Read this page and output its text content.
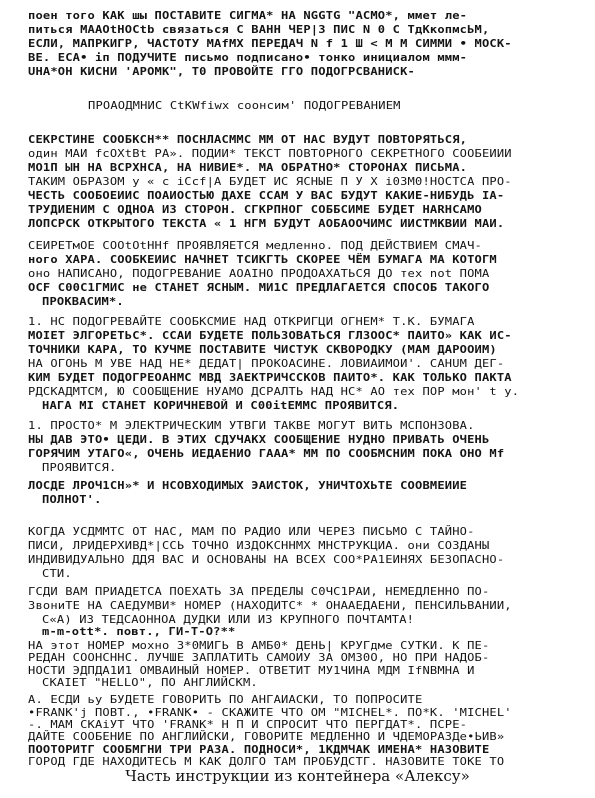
поен того КАК шы ПОСТАВИТЕ СИГМА* НА NGGTG "АСМО*, ммет ле-
питься МААОtНОСtb связаться С ВАНН ЧЕР|3 ПИС N 0 С ТдКкопмсЬМ,
ЕСЛИ, МАПРКИГР, ЧАСТОТУ МАfМХ ПЕРЕДАЧ N f 1 Ш < М М СИММИ • МОСК-
ВЕ. ЕСА• iп ПОДУЧИТЕ письмо подписано• тонко инициалом ммм-
UHA*ОН КИСНИ 'АРОМК", Т0 ПРОВОЙТЕ ГГО ПОДОГРСВАНИСК-
ПРОАОДМНИС CtKWfiwx cooнсим' ПОДОГРЕВАНИЕМ
СЕКРСТИНЕ СООБКСН** ПОСНЛАСММС ММ ОТ НАС ВУДУТ ПОВТОРЯТЬСЯ,
один МАИ fcOXtBt РА». ПОДИИ* ТЕКСТ ПОВТОРНОГО СЕКРЕТНОГО СООБЕИИИ
МО1П ЫН НА ВСРХНСА, НА НИВИЕ*. МА ОБРАТНО* СТОРОНАХ ПИСЬМА.
ТАКИМ ОБРАЗОМ у « с iCcf|A БУДЕТ ИС ЯСНЫЕ П У Х i0ЗМ0!НОСТСА ПРО-
ЧЕСТЬ СООБОЕИИС ПОАИОСТЬЮ ДАХЕ ССАМ У ВАС БУДУТ КАКИЕ-НИБУДЬ IА-
ТРУДИЕНИМ С ОДНОА ИЗ СТОРОН. СГКРПНОГ СОББСИМЕ БУДЕТ НАRНСАМО
ЛОПСРСК ОТКРЫТОГО ТЕКСТА « 1 НГМ БУДУТ АОБАООЧИМС ИИСТМКВИИ МАИ.
СЕИРЕТмОЕ СООtОtННf ПРОЯВЛЯЕТСЯ медленно. ПОД ДЕЙСТВИЕМ СМАЧ-
ного ХАРА. СООБКЕИИС НАЧНЕТ ТСИКГТЬ СКОРЕЕ ЧЁМ БУМАГА МА КОТОГМ
оно НАПИСАНО, ПОДОГРЕВАНИЕ АОАIНО ПРОДОАХАТЬСЯ ДО тех nоt ПОМА
ОСF С00С1ГМИС не СТАНЕТ ЯСНЫМ. МИ1С ПРЕДЛАГАЕТСЯ СПОСОБ ТАКОГО
ПРОКВАСИМ*.
1. НС ПОДОГРЕВАЙТЕ СООБКСМИЕ НАД ОТКРИГЦИ ОГНЕМ* Т.К. БУМАГА
МОIЕТ ЭЛГОРЕТЬС*. ССАИ БУДЕТЕ ПОЛЬЗОВАТЬСЯ ГЛЗООС* ПАИТО» КАК ИС-
ТОЧНИКИ КАРА, ТО КУЧМЕ ПОСТАВИТЕ ЧИСТУК СКВОРОДКУ (МАМ ДАРООИМ)
НА ОГОНЬ М УВЕ НАД НЕ* ДЕДАТ| ПРОКОАСИНЕ. ЛОВИАИМОИ'. САНUМ ДЕГ-
КИМ БУДЕТ ПОДОГРЕОАНМС МВД ЗАЕКТРИЧССКОВ ПАИТО*. КАК ТОЛЬКО ПАКТА
РДСКАДМТСМ, Ю СООБЩЕНИЕ НУАМО ДСРАЛТЬ НАД НС* АО тех ПОР мон' t y.
НАГА МI СТАНЕТ КОРИЧНЕВОЙ И С00itЕММС ПРОЯВИТСЯ.
1. ПРОСТО* М ЭЛЕКТРИЧЕСКИМ УТВГИ ТАКВЕ МОГУТ ВИТЬ МСПОНЗОВА.
НЫ ДАВ ЭТО• ЦЕДИ. В ЭТИХ СДУЧАКХ СООБЩЕНИЕ НУДНО ПРИВАТЬ ОЧЕНЬ
ГОРЯЧИМ УТАГО«, ОЧЕНЬ ИЕДАЕНИО ГААА* ММ ПО СООБМСНИМ ПОКА ОНО Мf
ПРОЯВИТСЯ.
ЛОСДЕ ЛРОЧ1СН»* И НСОВХОДИМЫХ ЭАИСТОК, УНИЧТОХЬТЕ СООВМЕИИЕ
ПОЛНОТ'.
КОГДА УСДММТС ОТ НАС, МАМ ПО РАДИО ИЛИ ЧЕРЕЗ ПИСЬМО С ТАЙНО-
ПИСИ, ЛРИДЕРХИВД*|ССЬ ТОЧНО ИЗДОКСННМХ МНСТРУКЦИА. они СОЗДАНЫ
ИНДИВИДУАЛЬНО ДДЯ ВАС И ОСНОВАНЫ НА ВСЕХ СОО*РА1ЕИНЯХ БЕЗОПАСНО-
СТИ.
ГСДИ ВАМ ПРИАДЕТСА ПОЕХАТЬ ЗА ПРЕДЕЛЫ С0ЧС1РАИ, НЕМЕДЛЕННО ПО-
ЗвониТЕ НА САЕДУМВИ* НОМЕР (НАХОДИТС* * ОНААЕДАЕНИ, ПЕНСИЛЬВАНИИ,
С«А) ИЗ ТЕДСАОННОА ДУДКИ ИЛИ ИЗ КРУПНОГО ПОЧТАМТА!
m-m-ott*. повт., ГИ-Т-О?**
НА этот НОМЕР мохно З*0МИГЬ В АМБ0* ДЕНЬ| КРУГдме СУТКИ. К ПЕ-
РЕДАН СООНСННС. ЛУЧШЕ ЗАПЛАТИТЬ САМОИУ ЗА ОМЗ0О, НО ПРИ НАДОБ-
НОСТИ ЭДПДА1И1 ОМВАИНЫЙ НОМЕР. ОТВЕТИТ МУ1ЧИНА МДМ IfNВМНА И
СКАIЕТ "HELLO", ПО АНГЛИЙСКМ.
А. ЕСДИ ьу БУДЕТЕ ГОВОРИТЬ ПО АНГАИАСКИ, ТО ПОПРОСИТЕ
•FRANK'j ПОВТ., •FRANK• - СКАЖИТЕ ЧТО ОМ "MICHEL*. ПО*К. 'MICHEL'
-. МАМ СКАiУТ ЧТО 'FRANK* Н П И СПРОСИТ ЧТО ПЕРГДАТ*. ПСРЕ-
ДАЙТЕ СООБЕНИЕ ПО АНГЛИЙСКИ, ГОВОРИТЕ МЕДЛЕННО И ЧДЕМОРАЗДе•ЬИВ»
ПООТОРИТГ СООБМГНИ ТРИ РАЗА. ПОДНОСИ*, 1КДМЧАК ИМЕНА* НАЗОВИТЕ
ГОРОД ГДЕ НАХОДИТЕСЬ М КАК ДОЛГО ТАМ ПРОБУДСТГ. НАЗОВИТЕ ТОКЕ ТО
Часть инструкции из контейнера «Алексу»
